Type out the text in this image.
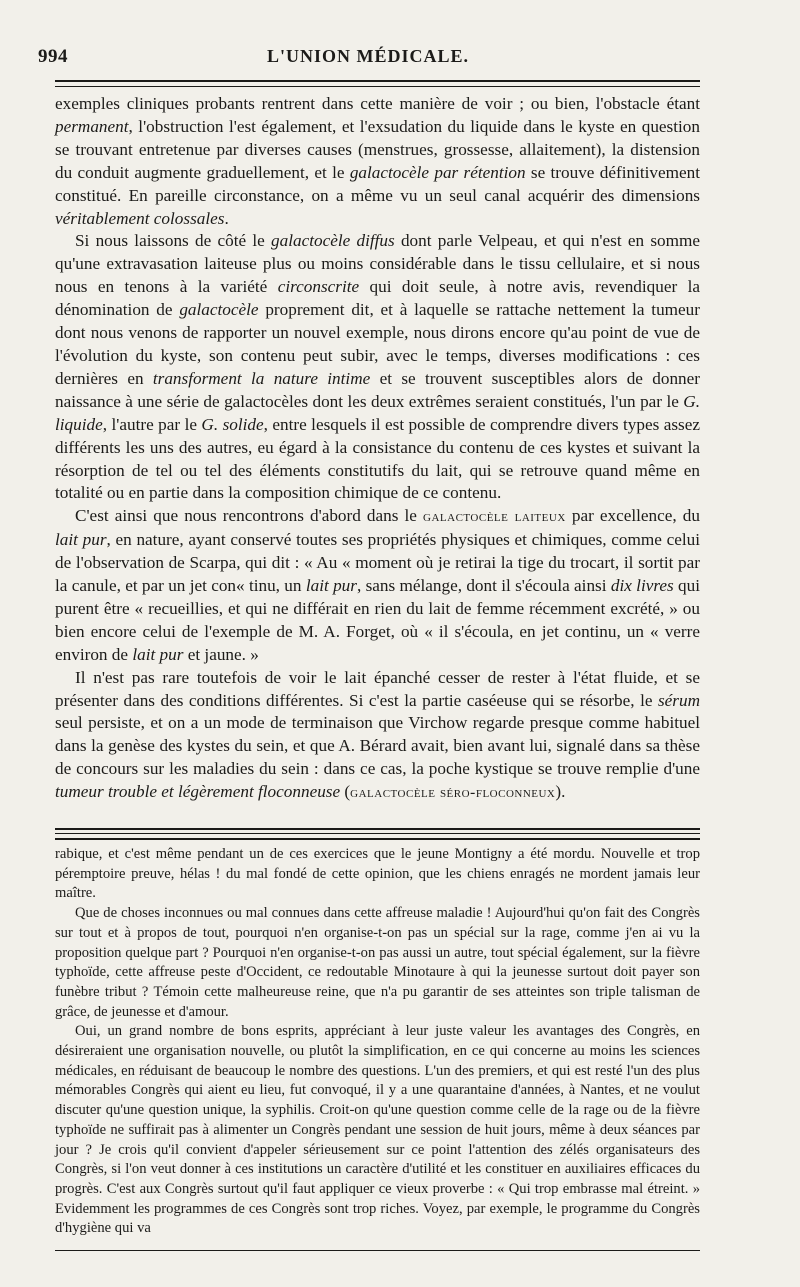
994	L'UNION MÉDICALE.

exemples cliniques probants rentrent dans cette manière de voir ; ou bien, l'obstacle étant permanent, l'obstruction l'est également, et l'exsudation du liquide dans le kyste en question se trouvant entretenue par diverses causes (menstrues, grossesse, allaitement), la distension du conduit augmente graduellement, et le galactocèle par rétention se trouve définitivement constitué. En pareille circonstance, on a même vu un seul canal acquérir des dimensions véritablement colossales.

Si nous laissons de côté le galactocèle diffus dont parle Velpeau, et qui n'est en somme qu'une extravasation laiteuse plus ou moins considérable dans le tissu cellulaire, et si nous nous en tenons à la variété circonscrite qui doit seule, à notre avis, revendiquer la dénomination de galactocèle proprement dit, et à laquelle se rattache nettement la tumeur dont nous venons de rapporter un nouvel exemple, nous dirons encore qu'au point de vue de l'évolution du kyste, son contenu peut subir, avec le temps, diverses modifications : ces dernières en transforment la nature intime et se trouvent susceptibles alors de donner naissance à une série de galactocèles dont les deux extrêmes seraient constitués, l'un par le G. liquide, l'autre par le G. solide, entre lesquels il est possible de comprendre divers types assez différents les uns des autres, eu égard à la consistance du contenu de ces kystes et suivant la résorption de tel ou tel des éléments constitutifs du lait, qui se retrouve quand même en totalité ou en partie dans la composition chimique de ce contenu.

C'est ainsi que nous rencontrons d'abord dans le galactocèle laiteux par excellence, du lait pur, en nature, ayant conservé toutes ses propriétés physiques et chimiques, comme celui de l'observation de Scarpa, qui dit : « Au « moment où je retirai la tige du trocart, il sortit par la canule, et par un jet con« tinu, un lait pur, sans mélange, dont il s'écoula ainsi dix livres qui purent être « recueillies, et qui ne différait en rien du lait de femme récemment excrété, » ou bien encore celui de l'exemple de M. A. Forget, où « il s'écoula, en jet continu, un « verre environ de lait pur et jaune. »

Il n'est pas rare toutefois de voir le lait épanché cesser de rester à l'état fluide, et se présenter dans des conditions différentes. Si c'est la partie caséeuse qui se résorbe, le sérum seul persiste, et on a un mode de terminaison que Virchow regarde presque comme habituel dans la genèse des kystes du sein, et que A. Bérard avait, bien avant lui, signalé dans sa thèse de concours sur les maladies du sein : dans ce cas, la poche kystique se trouve remplie d'une tumeur trouble et légèrement floconneuse (galactocèle séro-floconneux).

rabique, et c'est même pendant un de ces exercices que le jeune Montigny a été mordu. Nouvelle et trop péremptoire preuve, hélas ! du mal fondé de cette opinion, que les chiens enragés ne mordent jamais leur maître.

Que de choses inconnues ou mal connues dans cette affreuse maladie ! Aujourd'hui qu'on fait des Congrès sur tout et à propos de tout, pourquoi n'en organise-t-on pas un spécial sur la rage, comme j'en ai vu la proposition quelque part ? Pourquoi n'en organise-t-on pas aussi un autre, tout spécial également, sur la fièvre typhoïde, cette affreuse peste d'Occident, ce redoutable Minotaure à qui la jeunesse surtout doit payer son funèbre tribut ? Témoin cette malheureuse reine, que n'a pu garantir de ses atteintes son triple talisman de grâce, de jeunesse et d'amour.

Oui, un grand nombre de bons esprits, appréciant à leur juste valeur les avantages des Congrès, en désireraient une organisation nouvelle, ou plutôt la simplification, en ce qui concerne au moins les sciences médicales, en réduisant de beaucoup le nombre des questions. L'un des premiers, et qui est resté l'un des plus mémorables Congrès qui aient eu lieu, fut convoqué, il y a une quarantaine d'années, à Nantes, et ne voulut discuter qu'une question unique, la syphilis. Croit-on qu'une question comme celle de la rage ou de la fièvre typhoïde ne suffirait pas à alimenter un Congrès pendant une session de huit jours, même à deux séances par jour ? Je crois qu'il convient d'appeler sérieusement sur ce point l'attention des zélés organisateurs des Congrès, si l'on veut donner à ces institutions un caractère d'utilité et les constituer en auxiliaires efficaces du progrès. C'est aux Congrès surtout qu'il faut appliquer ce vieux proverbe : « Qui trop embrasse mal étreint. » Evidemment les programmes de ces Congrès sont trop riches. Voyez, par exemple, le programme du Congrès d'hygiène qui va
